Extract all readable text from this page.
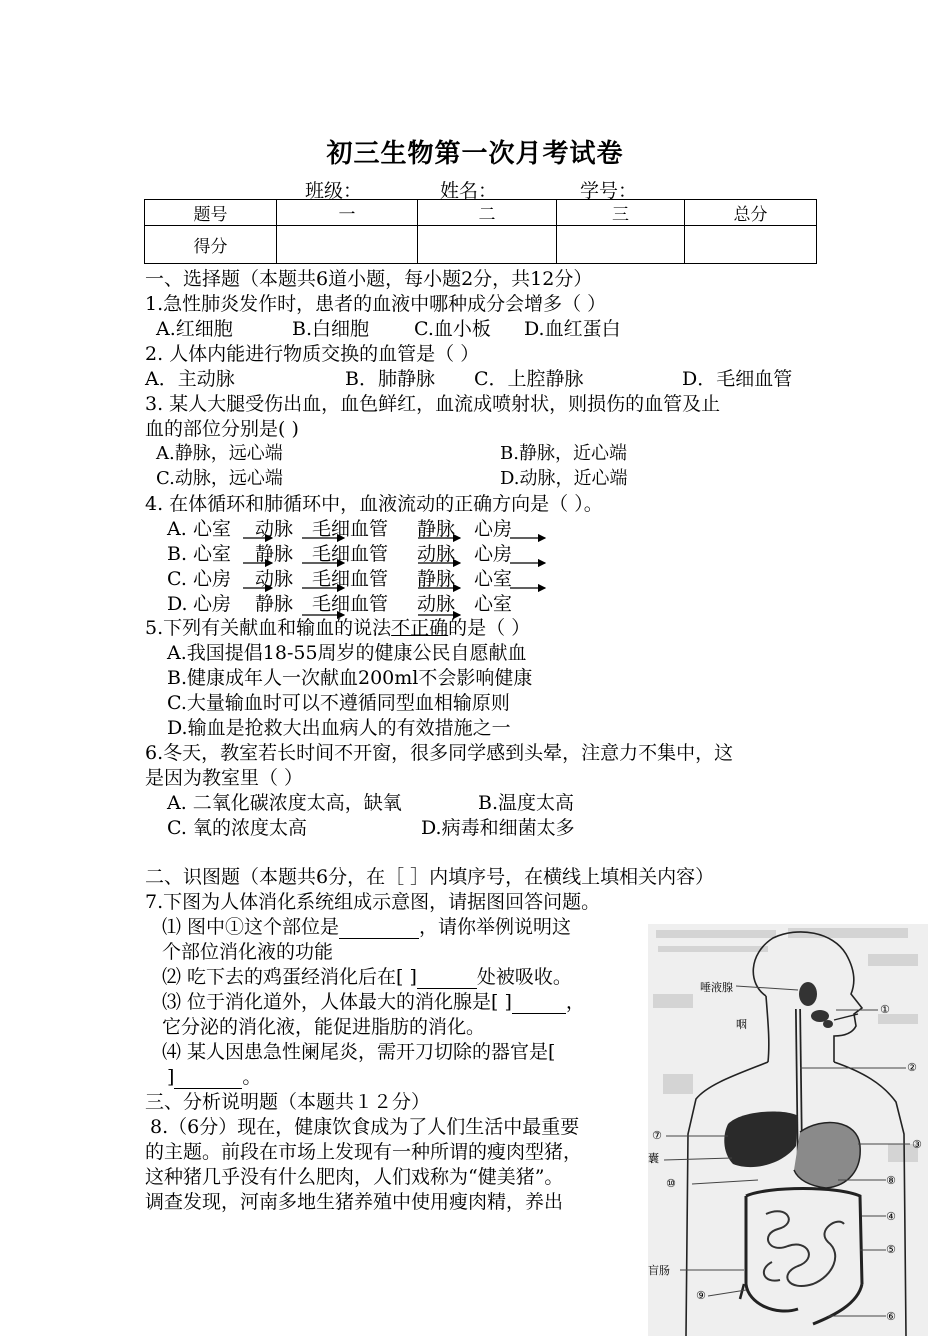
初三生物第一次月考试卷
班级：	姓名：	学号：
题号	一	二	三	总分
得分				
一、选择题（本题共6道小题，每小题2分，共12分）
1.急性肺炎发作时，患者的血液中哪种成分会增多（ ）
A.红细胞	B.白细胞 C.血小板 D.血红蛋白
2. 人体内能进行物质交换的血管是（ ）
A．主动脉	B．肺静脉 C．上腔静脉	D．毛细血管
3. 某人大腿受伤出血，血色鲜红，血流成喷射状，则损伤的血管及止
血的部位分别是( )
A.静脉，远心端	B.静脉，近心端
C.动脉，远心端	D.动脉，近心端
4. 在体循环和肺循环中，血液流动的正确方向是（ ）。
A. 心室 动脉 毛细血管 静脉 心房
B. 心室 静脉 毛细血管 动脉 心房
C. 心房 动脉 毛细血管 静脉 心室
D. 心房 静脉 毛细血管 动脉 心室
5.下列有关献血和输血的说法不正确的是（ ）
A.我国提倡18-55周岁的健康公民自愿献血
B.健康成年人一次献血200ml不会影响健康
C.大量输血时可以不遵循同型血相输原则
D.输血是抢救大出血病人的有效措施之一
6.冬天，教室若长时间不开窗，很多同学感到头晕，注意力不集中，这
是因为教室里（ ）
A. 二氧化碳浓度太高，缺氧	B.温度太高
C. 氧的浓度太高	D.病毒和细菌太多
二、识图题（本题共6分，在［ ］内填序号，在横线上填相关内容）
7.下图为人体消化系统组成示意图，请据图回答问题。
⑴ 图中①这个部位是	，请你举例说明这
个部位消化液的功能
⑵ 吃下去的鸡蛋经消化后在[ ]	处被吸收。
⑶ 位于消化道外，人体最大的消化腺是[ ]	，
它分泌的消化液，能促进脂肪的消化。
⑷ 某人因患急性阑尾炎，需开刀切除的器官是[
]	。
三、分析说明题（本题共１２分）
8.（6分）现在，健康饮食成为了人们生活中最重要
的主题。前段在市场上发现有一种所谓的瘦肉型猪，
这种猪几乎没有什么肥肉，人们戏称为“健美猪”。
调查发现，河南多地生猪养殖中使用瘦肉精，养出
唾液腺
咽
囊
盲肠
①
②
③
④
⑤
⑥
⑦
⑧
⑨
⑩
